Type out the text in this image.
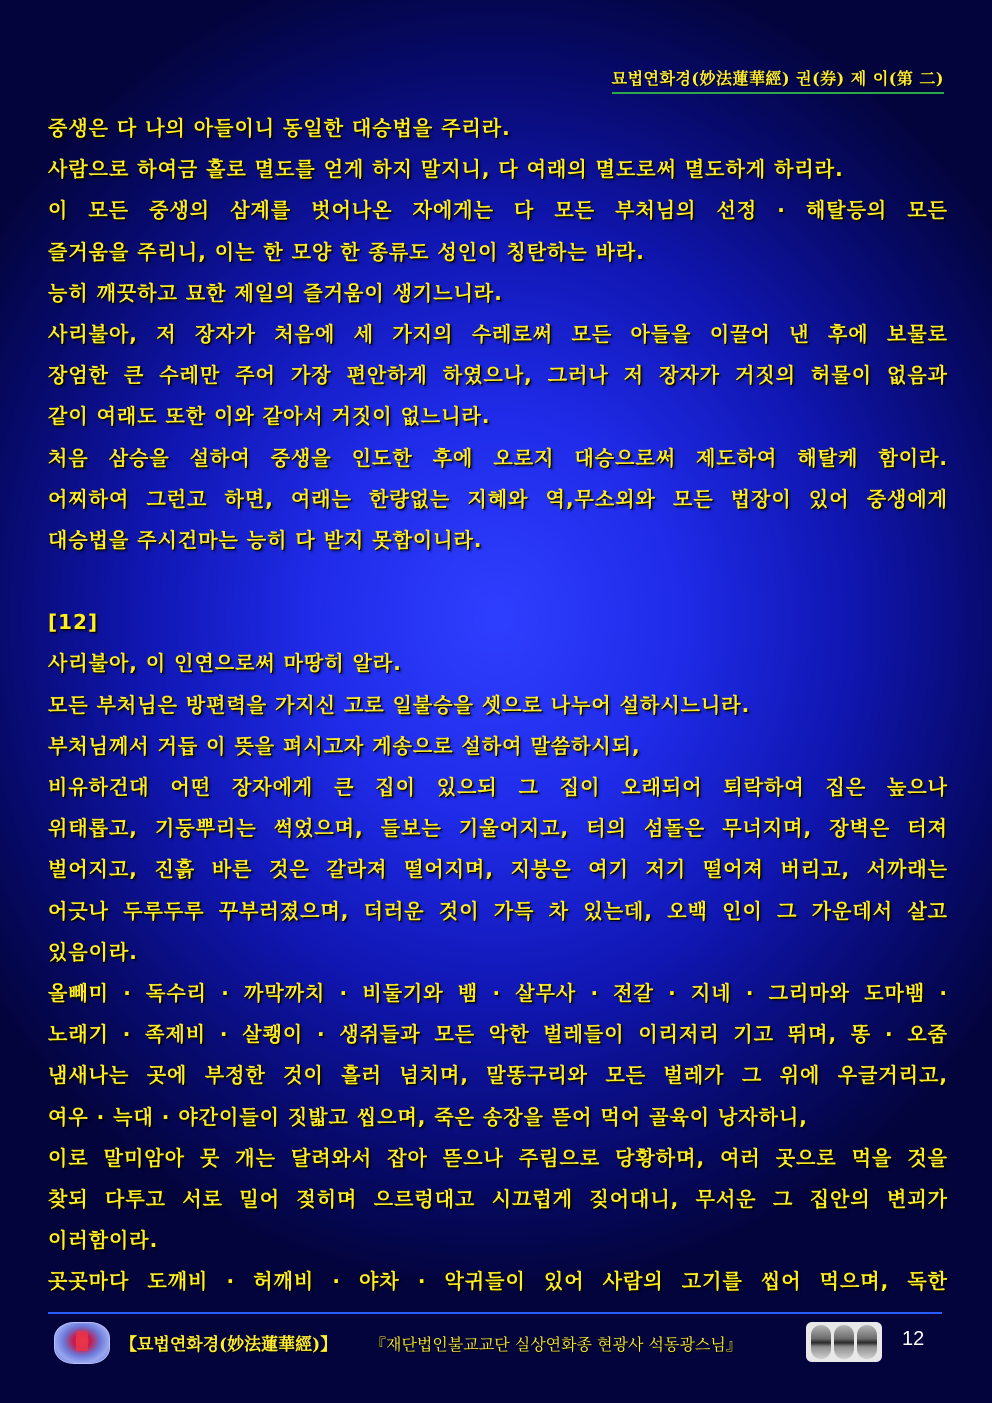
묘법연화경(妙法蓮華經) 권(券) 제 이(第 二)
중생은 다 나의 아들이니 동일한 대승법을 주리라.
사람으로 하여금 홀로 멸도를 얻게 하지 말지니, 다 여래의 멸도로써 멸도하게 하리라.
이 모든 중생의 삼계를 벗어나온 자에게는 다 모든 부처님의 선정 · 해탈등의 모든
즐거움을 주리니, 이는 한 모양 한 종류도 성인이 칭탄하는 바라.
능히 깨끗하고 묘한 제일의 즐거움이 생기느니라.
사리불아, 저 장자가 처음에 세 가지의 수레로써 모든 아들을 이끌어 낸 후에 보물로
장엄한 큰 수레만 주어 가장 편안하게 하였으나, 그러나 저 장자가 거짓의 허물이 없음과
같이 여래도 또한 이와 같아서 거짓이 없느니라.
처음 삼승을 설하여 중생을 인도한 후에 오로지 대승으로써 제도하여 해탈케 함이라.
어찌하여 그런고 하면, 여래는 한량없는 지혜와 역,무소외와 모든 법장이 있어 중생에게
대승법을 주시건마는 능히 다 받지 못함이니라.
[12]
사리불아, 이 인연으로써 마땅히 알라.
모든 부처님은 방편력을 가지신 고로 일불승을 셋으로 나누어 설하시느니라.
부처님께서 거듭 이 뜻을 펴시고자 게송으로 설하여 말씀하시되,
비유하건대 어떤 장자에게 큰 집이 있으되 그 집이 오래되어 퇴락하여 집은 높으나
위태롭고, 기둥뿌리는 썩었으며, 들보는 기울어지고, 터의 섬돌은 무너지며, 장벽은 터져
벌어지고, 진흙 바른 것은 갈라져 떨어지며, 지붕은 여기 저기 떨어져 버리고, 서까래는
어긋나 두루두루 꾸부러졌으며, 더러운 것이 가득 차 있는데, 오백 인이 그 가운데서 살고
있음이라.
올빼미 · 독수리 · 까막까치 · 비둘기와 뱀 · 살무사 · 전갈 · 지네 · 그리마와 도마뱀 ·
노래기 · 족제비 · 살쾡이 · 생쥐들과 모든 악한 벌레들이 이리저리 기고 뛰며, 똥 · 오줌
냄새나는 곳에 부정한 것이 흘러 넘치며, 말똥구리와 모든 벌레가 그 위에 우글거리고,
여우 · 늑대 · 야간이들이 짓밟고 씹으며, 죽은 송장을 뜯어 먹어 골육이 낭자하니,
이로 말미암아 뭇 개는 달려와서 잡아 뜯으나 주림으로 당황하며, 여러 곳으로 먹을 것을
찾되 다투고 서로 밀어 젖히며 으르렁대고 시끄럽게 짖어대니, 무서운 그 집안의 변괴가
이러함이라.
곳곳마다 도깨비 · 허깨비 · 야차 · 악귀들이 있어 사람의 고기를 씹어 먹으며, 독한
【묘법연화경(妙法蓮華經)】 『재단법인불교교단 실상연화종 현광사 석동광스님』	12
